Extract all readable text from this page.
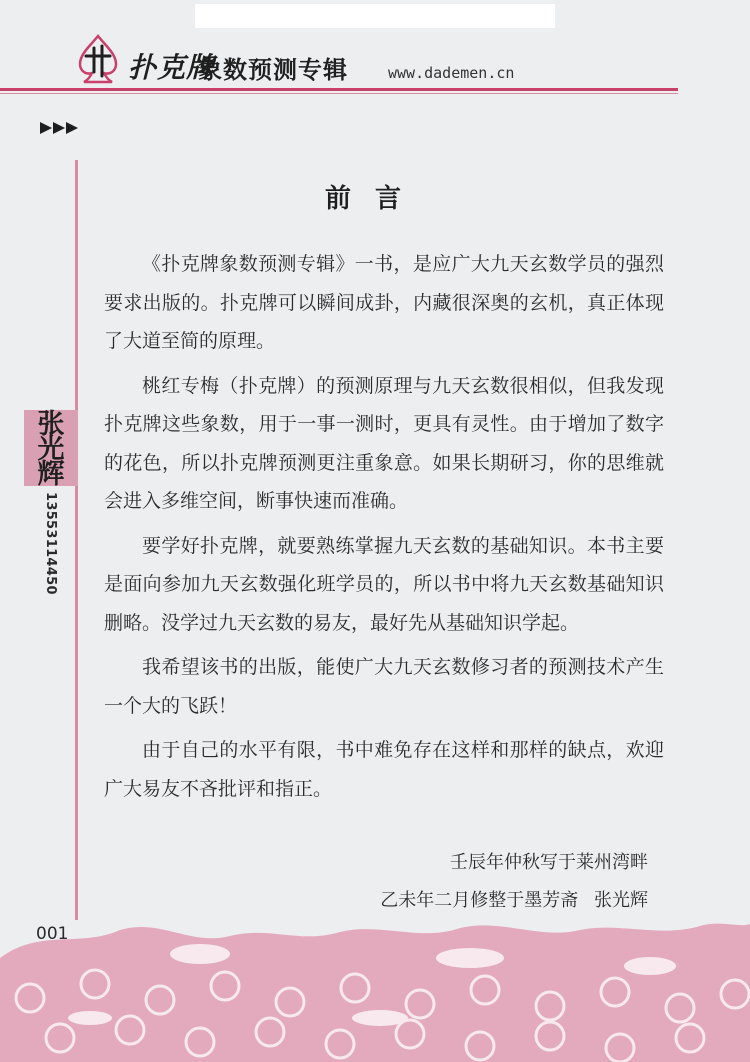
扑克牌
象数预测专辑	www.dademen.cn
张
光
辉
13553114450
前言

《扑克牌象数预测专辑》一书，是应广大九天玄数学员的强烈要求出版的。扑克牌可以瞬间成卦，内藏很深奥的玄机，真正体现了大道至简的原理。

桃红专梅（扑克牌）的预测原理与九天玄数很相似，但我发现扑克牌这些象数，用于一事一测时，更具有灵性。由于增加了数字的花色，所以扑克牌预测更注重象意。如果长期研习，你的思维就会进入多维空间，断事快速而准确。

要学好扑克牌，就要熟练掌握九天玄数的基础知识。本书主要是面向参加九天玄数强化班学员的，所以书中将九天玄数基础知识删略。没学过九天玄数的易友，最好先从基础知识学起。

我希望该书的出版，能使广大九天玄数修习者的预测技术产生一个大的飞跃！

由于自己的水平有限，书中难免存在这样和那样的缺点，欢迎广大易友不吝批评和指正。

壬辰年仲秋写于莱州湾畔
乙未年二月修整于墨芳斋 张光辉
001
